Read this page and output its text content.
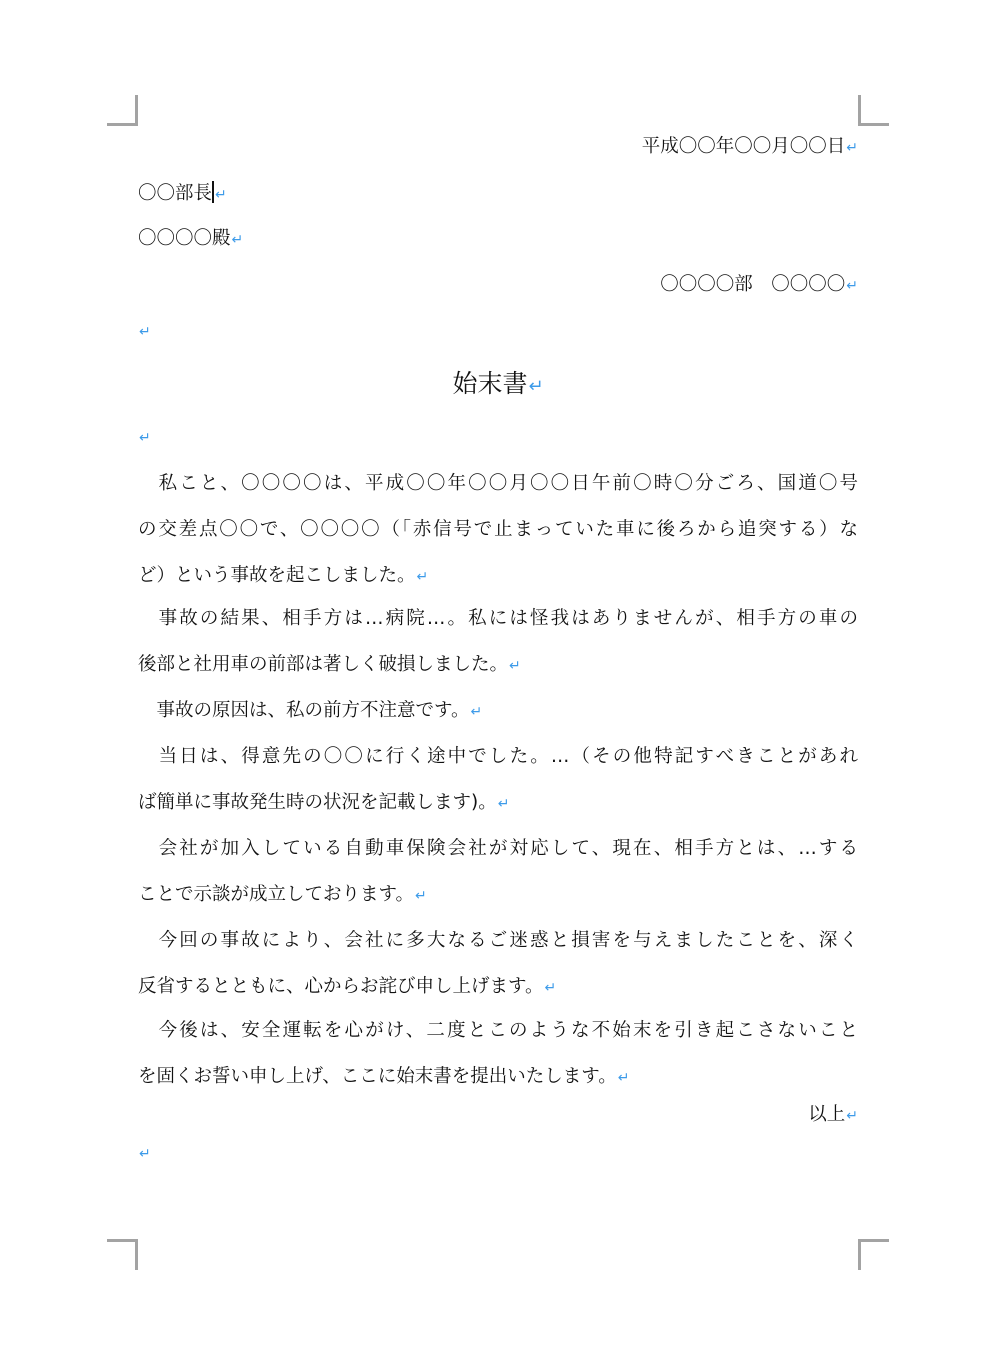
平成〇〇年〇〇月〇〇日↵
〇〇部長 ↵
〇〇〇〇殿↵
〇〇〇〇部　〇〇〇〇↵
↵
始末書↵
↵
　私こと、〇〇〇〇は、平成〇〇年〇〇月〇〇日午前〇時〇分ごろ、国道〇号
の交差点〇〇で、〇〇〇〇（「赤信号で止まっていた車に後ろから追突する）な
ど）という事故を起こしました。↵
　事故の結果、相手方は…病院…。私には怪我はありませんが、相手方の車の
後部と社用車の前部は著しく破損しました。↵
　事故の原因は、私の前方不注意です。↵
　当日は、得意先の〇〇に行く途中でした。…（その他特記すべきことがあれ
ば簡単に事故発生時の状況を記載します)。↵
　会社が加入している自動車保険会社が対応して、現在、相手方とは、…する
ことで示談が成立しております。↵
　今回の事故により、会社に多大なるご迷惑と損害を与えましたことを、深く
反省するとともに、心からお詫び申し上げます。↵
　今後は、安全運転を心がけ、二度とこのような不始末を引き起こさないこと
を固くお誓い申し上げ、ここに始末書を提出いたします。↵
以上↵
↵
